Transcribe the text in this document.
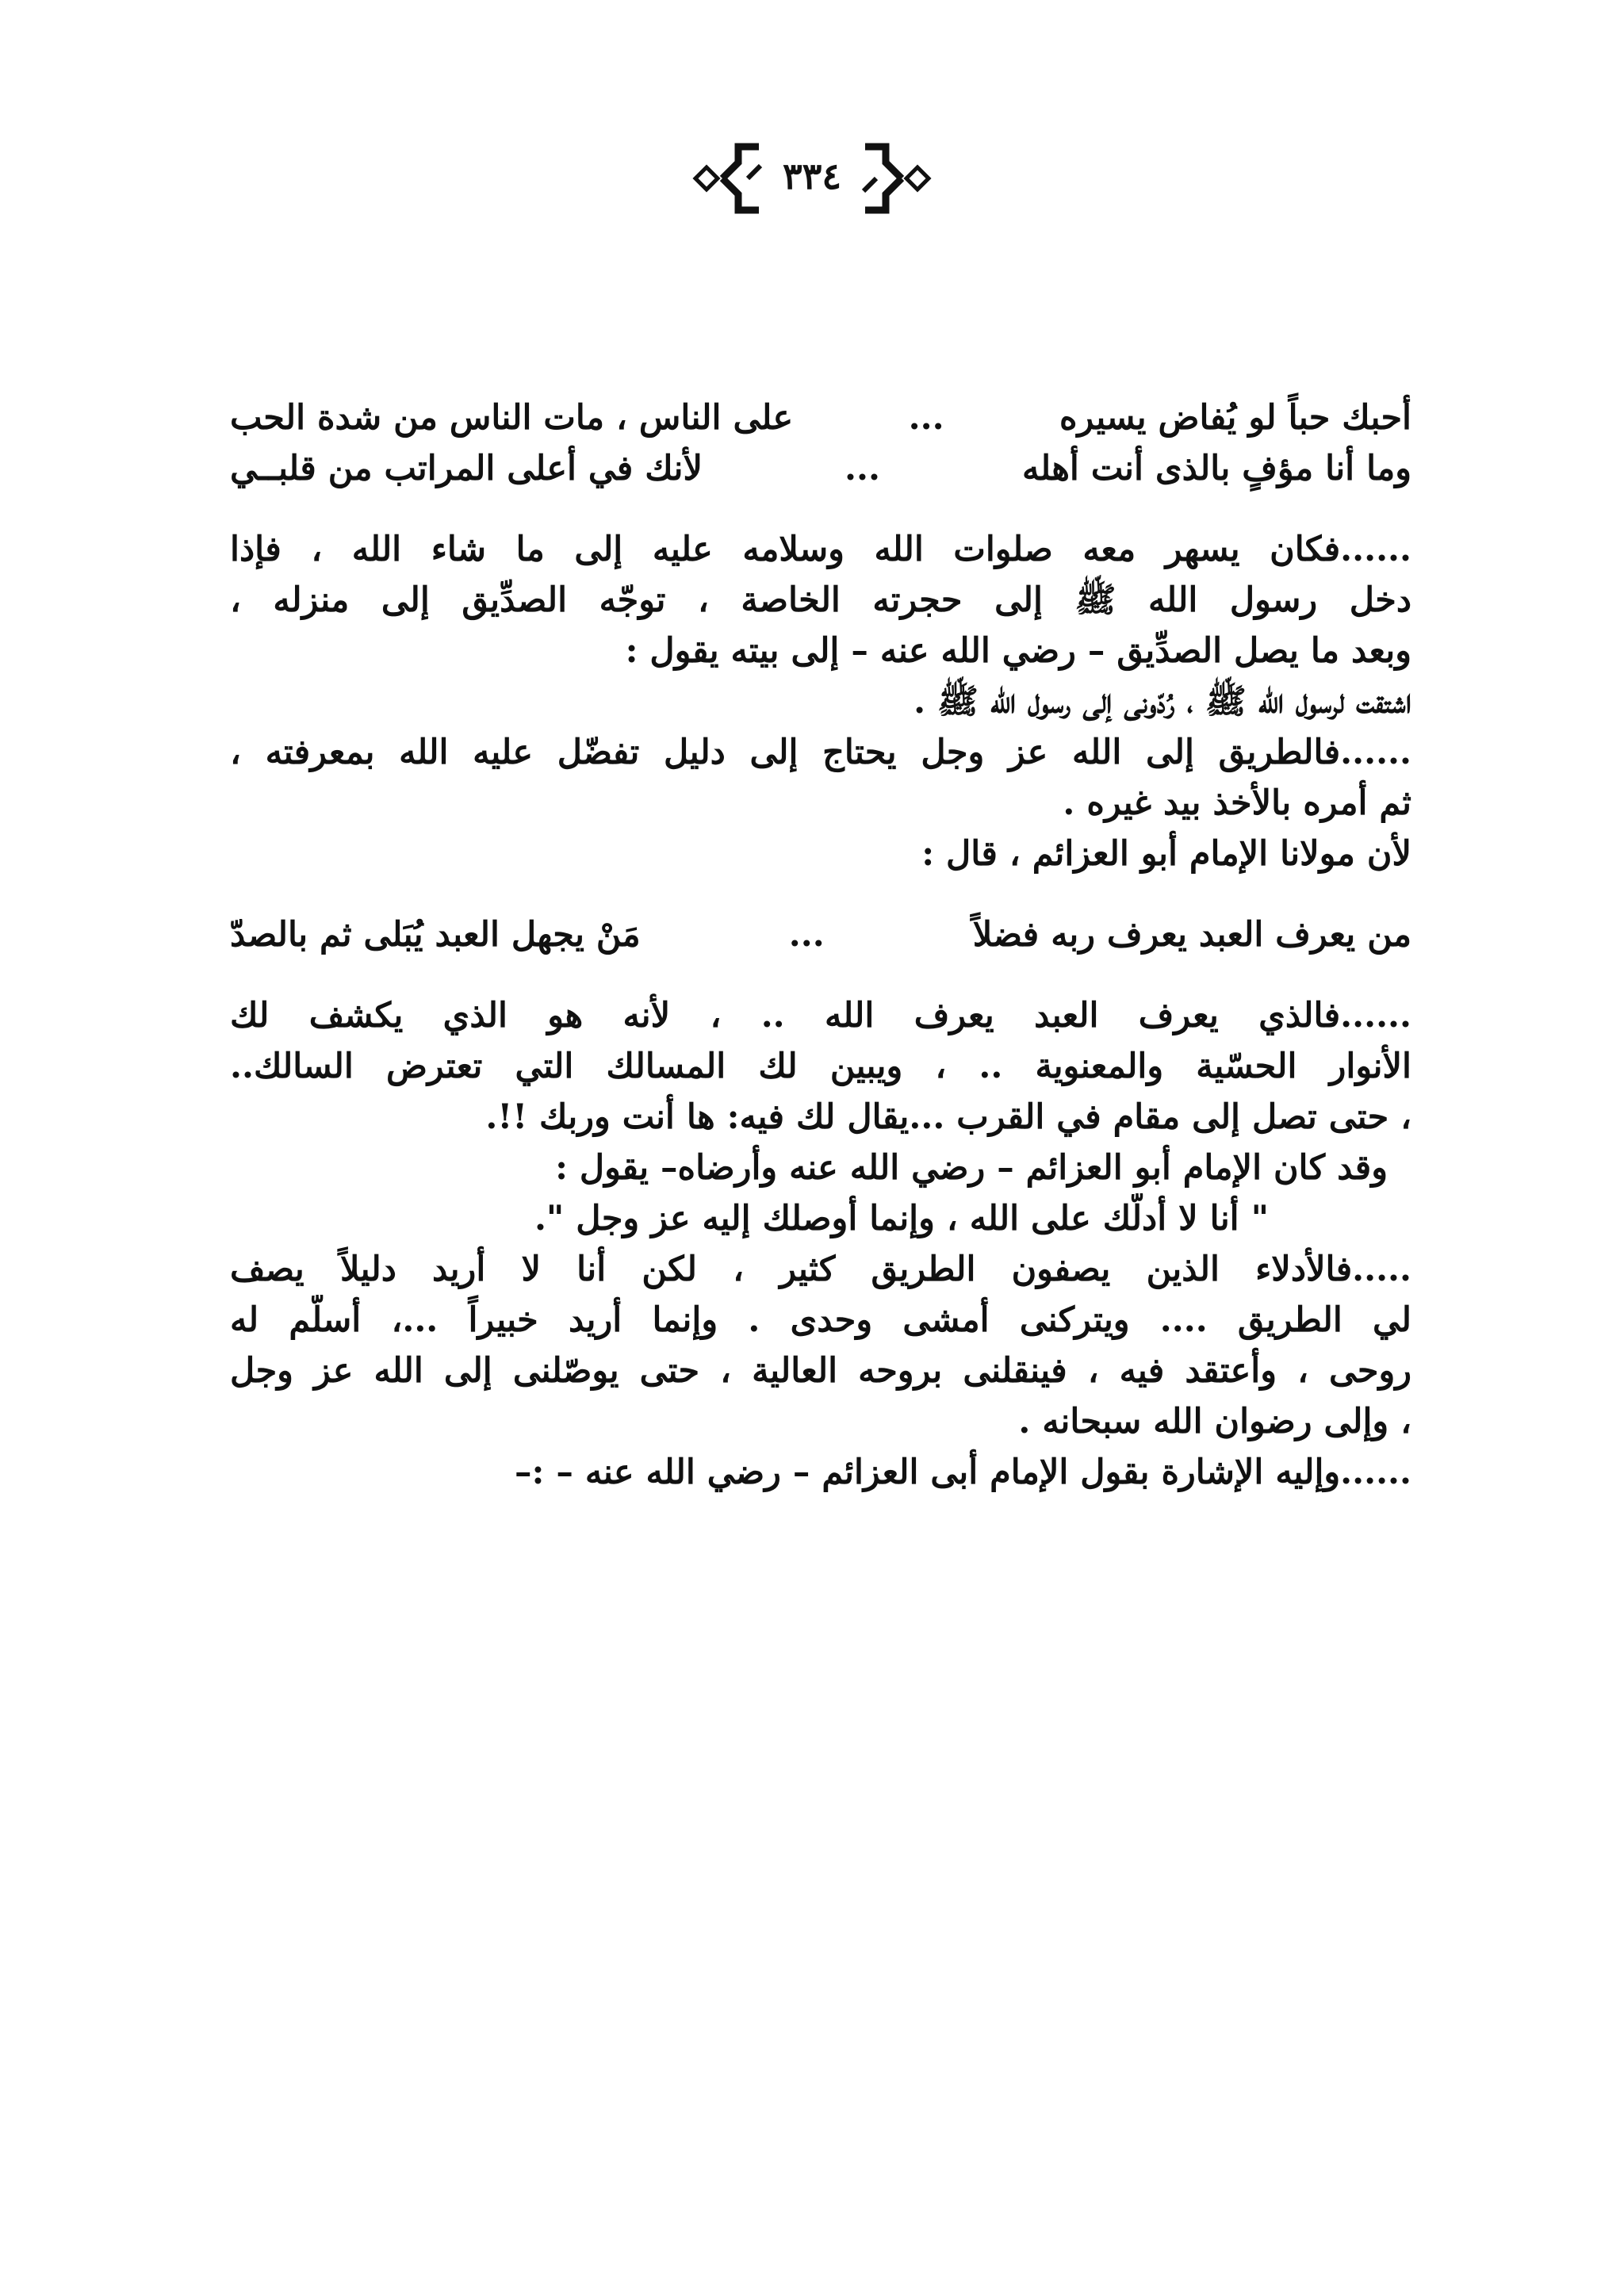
٣٣٤
أحبك حباً لو يُفاض يسيره
...
على الناس ، مات الناس من شدة الحب
وما أنا مؤفٍ بالذى أنت أهله
...
لأنك في أعلى المراتب من قلبــي
......فكان يسهر معه صلوات الله وسلامه عليه إلى ما شاء الله ، فإذا
دخل رسول الله ﷺ إلى حجرته الخاصة ، توجّه الصدِّيق إلى منزله ،
وبعد ما يصل الصدِّيق – رضي الله عنه – إلى بيته يقول :
اشتقت لرسول الله ﷺ ، رُدّونى إلى رسول الله ﷺ .
......فالطريق إلى الله عز وجل يحتاج إلى دليل تفضّل عليه الله بمعرفته ،
ثم أمره بالأخذ بيد غيره .
لأن مولانا الإمام أبو العزائم ، قال :
من يعرف العبد يعرف ربه فضلاً
...
مَنْ يجهل العبد يُبَلى ثم بالصدّ
......فالذي يعرف العبد يعرف الله .. ، لأنه هو الذي يكشف لك
الأنوار الحسّية والمعنوية .. ، ويبين لك المسالك التي تعترض السالك..
، حتى تصل إلى مقام في القرب ...يقال لك فيه: ها أنت وربك !!.
وقد كان الإمام أبو العزائم – رضي الله عنه وأرضاه– يقول :
" أنا لا أدلّك على الله ، وإنما أوصلك إليه عز وجل ".
.....فالأدلاء الذين يصفون الطريق كثير ، لكن أنا لا أريد دليلاً يصف
لي الطريق .... ويتركنى أمشى وحدى . وإنما أريد خبيراً ...، أسلّم له
روحى ، وأعتقد فيه ، فينقلنى بروحه العالية ، حتى يوصّلنى إلى الله عز وجل
، وإلى رضوان الله سبحانه .
......وإليه الإشارة بقول الإمام أبى العزائم – رضي الله عنه – :–
